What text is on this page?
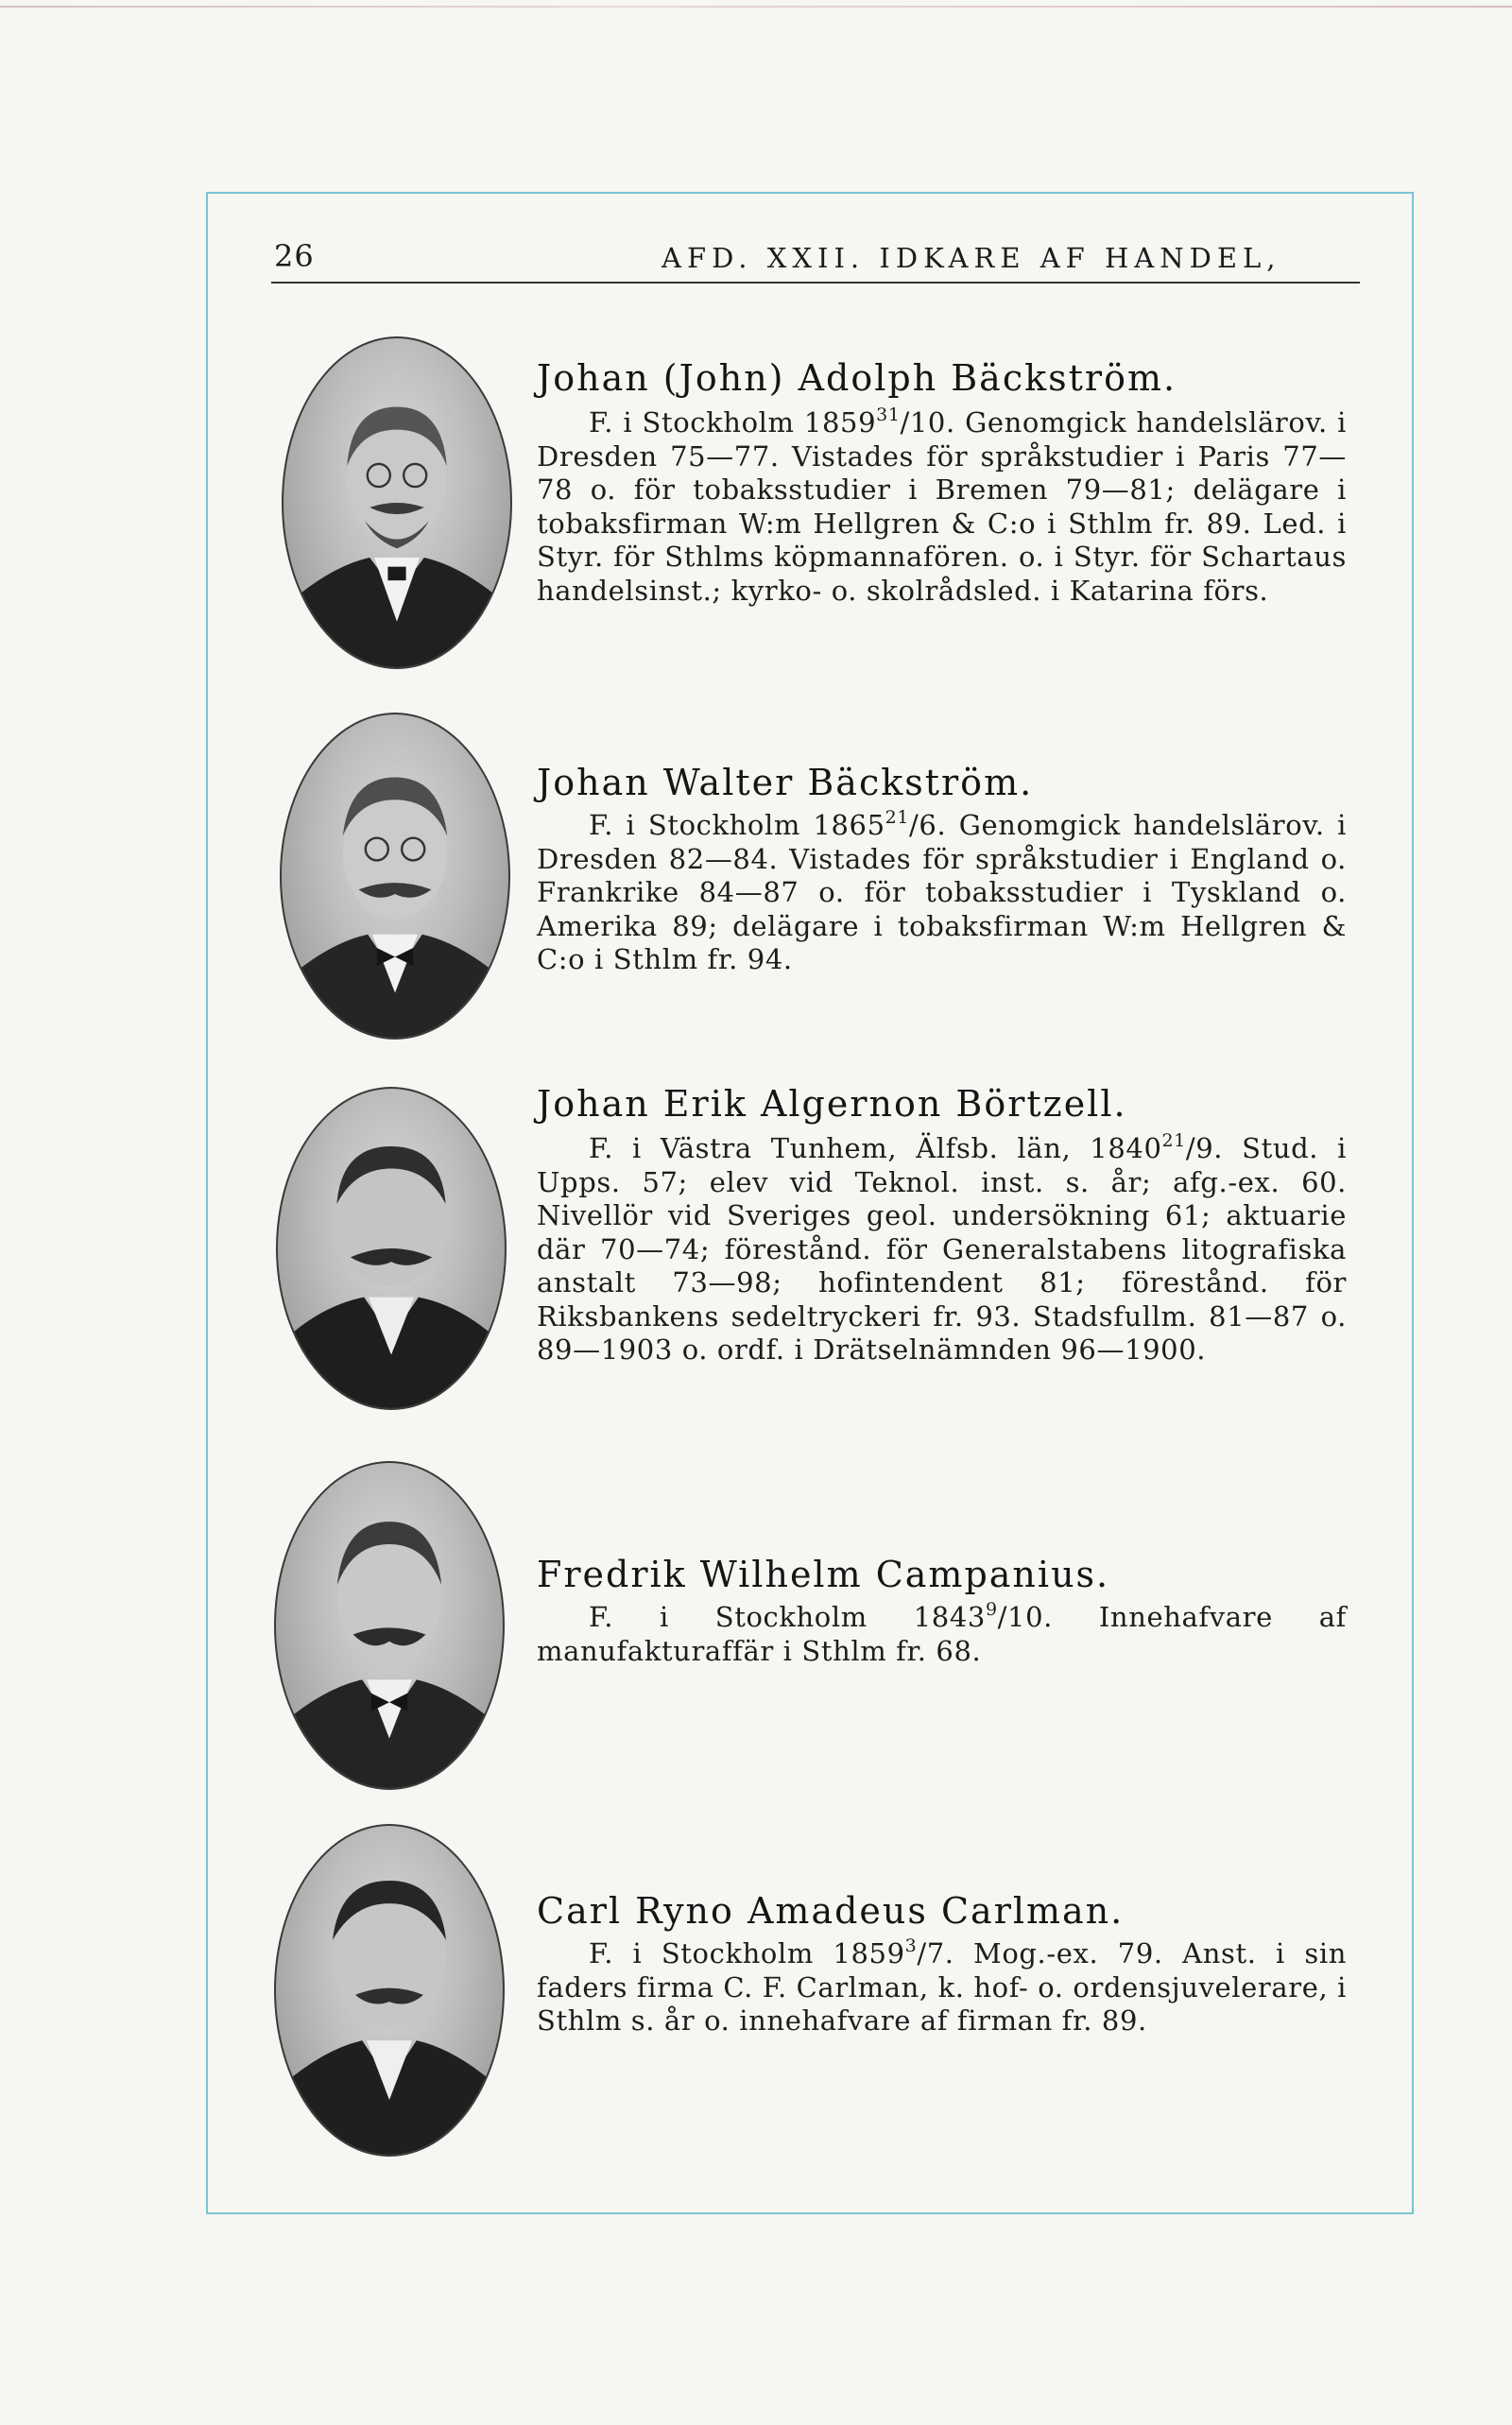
26	AFD. XXII. IDKARE AF HANDEL,
Johan (John) Adolph Bäckström.
F. i Stockholm 1859$^{31}$/10. Genomgick handelslärov. i Dresden 75—77. Vistades för språkstudier i Paris 77—78 o. för tobaksstudier i Bremen 79—81; delägare i tobaksfirman W:m Hellgren & C:o i Sthlm fr. 89. Led. i Styr. för Sthlms köpmannafören. o. i Styr. för Schartaus handelsinst.; kyrko- o. skolrådsled. i Katarina förs.
Johan Walter Bäckström.
F. i Stockholm 1865$^{21}$/6. Genomgick handelslärov. i Dresden 82—84. Vistades för språkstudier i England o. Frankrike 84—87 o. för tobaksstudier i Tyskland o. Amerika 89; delägare i tobaksfirman W:m Hellgren & C:o i Sthlm fr. 94.
Johan Erik Algernon Börtzell.
F. i Västra Tunhem, Älfsb. län, 1840$^{21}$/9. Stud. i Upps. 57; elev vid Teknol. inst. s. år; afg.-ex. 60. Nivellör vid Sveriges geol. undersökning 61; aktuarie där 70—74; förestånd. för Generalstabens litografiska anstalt 73—98; hofintendent 81; förestånd. för Riksbankens sedeltryckeri fr. 93. Stadsfullm. 81—87 o. 89—1903 o. ordf. i Drätselnämnden 96—1900.
Fredrik Wilhelm Campanius.
F. i Stockholm 1843$^9$/10. Innehafvare af manufakturaffär i Sthlm fr. 68.
Carl Ryno Amadeus Carlman.
F. i Stockholm 1859$^3$/7. Mog.-ex. 79. Anst. i sin faders firma C. F. Carlman, k. hof- o. ordensjuvelerare, i Sthlm s. år o. innehafvare af firman fr. 89.
